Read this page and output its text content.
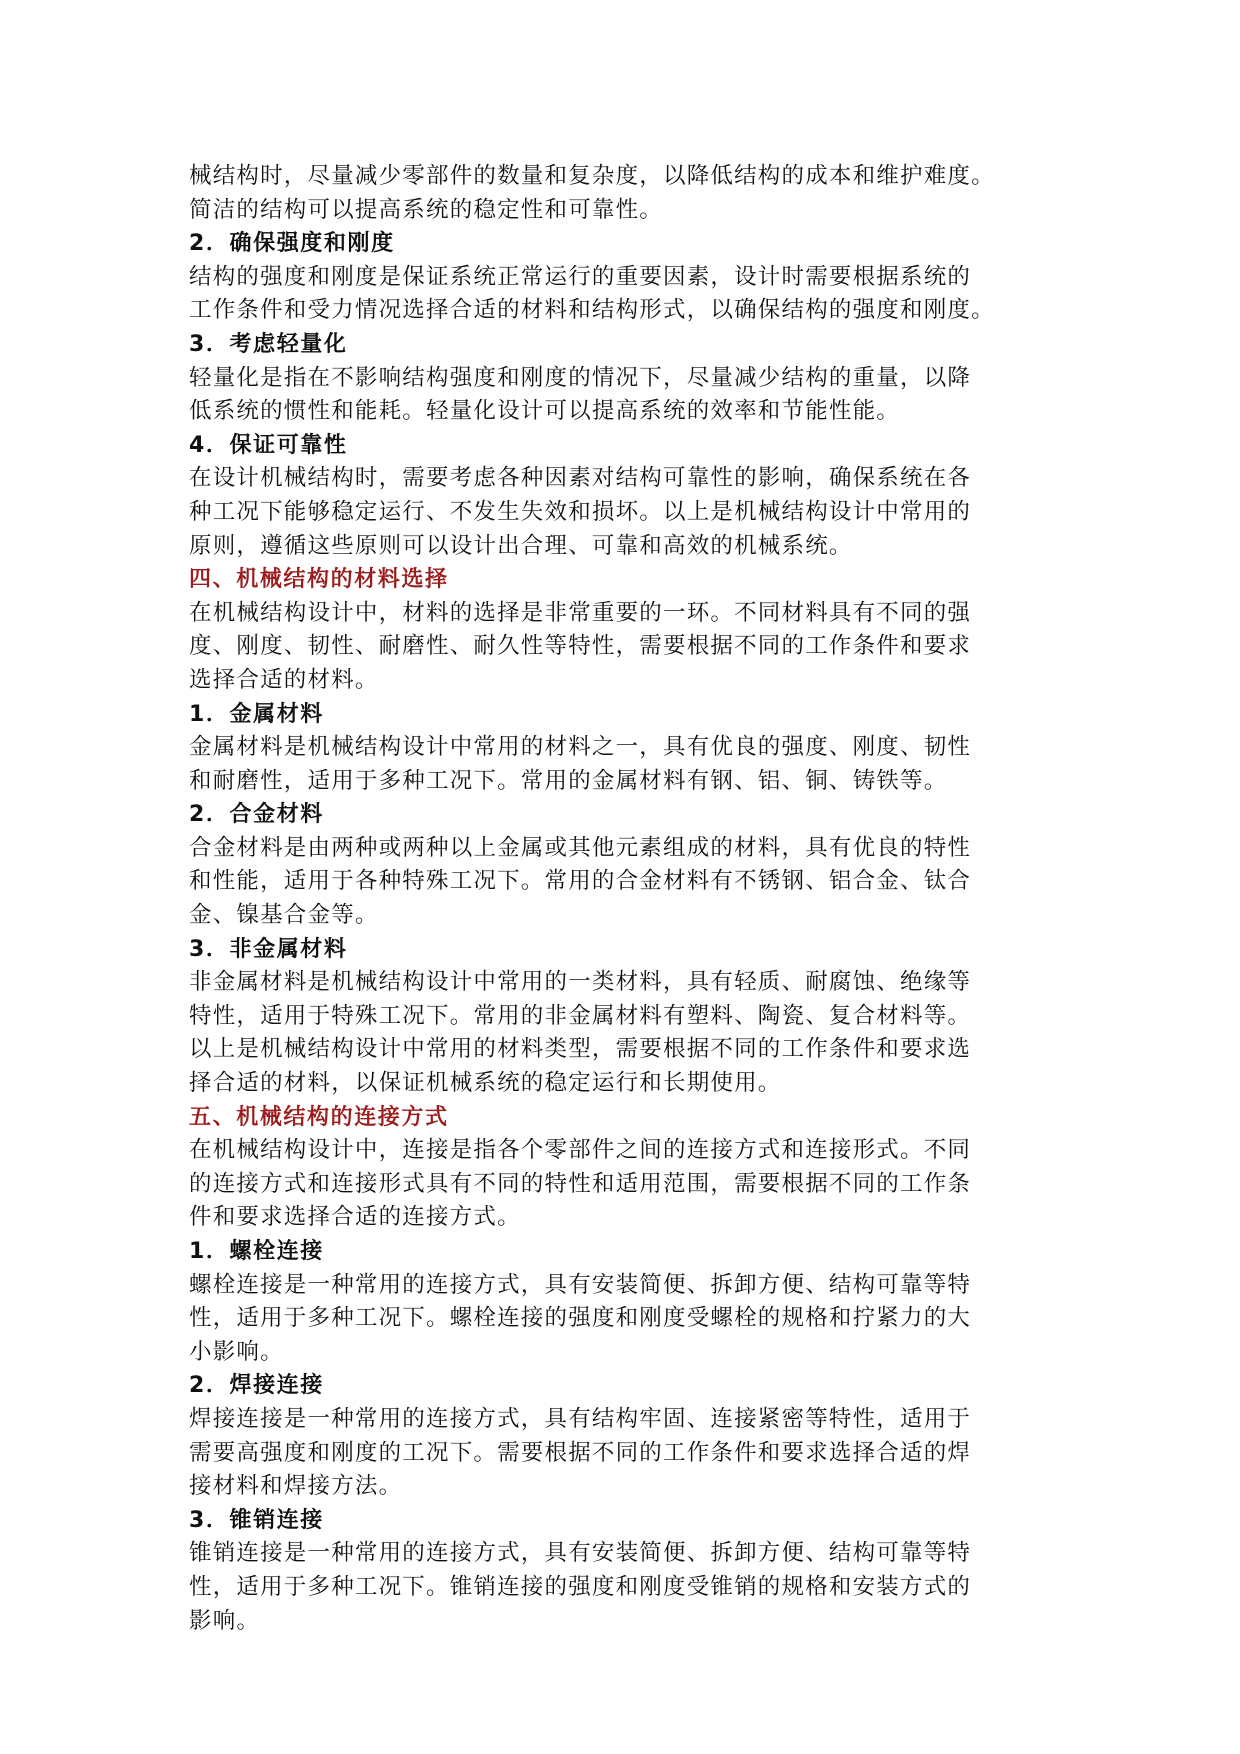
械结构时，尽量减少零部件的数量和复杂度，以降低结构的成本和维护难度。
简洁的结构可以提高系统的稳定性和可靠性。
2．确保强度和刚度
结构的强度和刚度是保证系统正常运行的重要因素，设计时需要根据系统的
工作条件和受力情况选择合适的材料和结构形式，以确保结构的强度和刚度。
3．考虑轻量化
轻量化是指在不影响结构强度和刚度的情况下，尽量减少结构的重量，以降
低系统的惯性和能耗。轻量化设计可以提高系统的效率和节能性能。
4．保证可靠性
在设计机械结构时，需要考虑各种因素对结构可靠性的影响，确保系统在各
种工况下能够稳定运行、不发生失效和损坏。以上是机械结构设计中常用的
原则，遵循这些原则可以设计出合理、可靠和高效的机械系统。
四、机械结构的材料选择
在机械结构设计中，材料的选择是非常重要的一环。不同材料具有不同的强
度、刚度、韧性、耐磨性、耐久性等特性，需要根据不同的工作条件和要求
选择合适的材料。
1．金属材料
金属材料是机械结构设计中常用的材料之一，具有优良的强度、刚度、韧性
和耐磨性，适用于多种工况下。常用的金属材料有钢、铝、铜、铸铁等。
2．合金材料
合金材料是由两种或两种以上金属或其他元素组成的材料，具有优良的特性
和性能，适用于各种特殊工况下。常用的合金材料有不锈钢、铝合金、钛合
金、镍基合金等。
3．非金属材料
非金属材料是机械结构设计中常用的一类材料，具有轻质、耐腐蚀、绝缘等
特性，适用于特殊工况下。常用的非金属材料有塑料、陶瓷、复合材料等。
以上是机械结构设计中常用的材料类型，需要根据不同的工作条件和要求选
择合适的材料，以保证机械系统的稳定运行和长期使用。
五、机械结构的连接方式
在机械结构设计中，连接是指各个零部件之间的连接方式和连接形式。不同
的连接方式和连接形式具有不同的特性和适用范围，需要根据不同的工作条
件和要求选择合适的连接方式。
1．螺栓连接
螺栓连接是一种常用的连接方式，具有安装简便、拆卸方便、结构可靠等特
性，适用于多种工况下。螺栓连接的强度和刚度受螺栓的规格和拧紧力的大
小影响。
2．焊接连接
焊接连接是一种常用的连接方式，具有结构牢固、连接紧密等特性，适用于
需要高强度和刚度的工况下。需要根据不同的工作条件和要求选择合适的焊
接材料和焊接方法。
3．锥销连接
锥销连接是一种常用的连接方式，具有安装简便、拆卸方便、结构可靠等特
性，适用于多种工况下。锥销连接的强度和刚度受锥销的规格和安装方式的
影响。
